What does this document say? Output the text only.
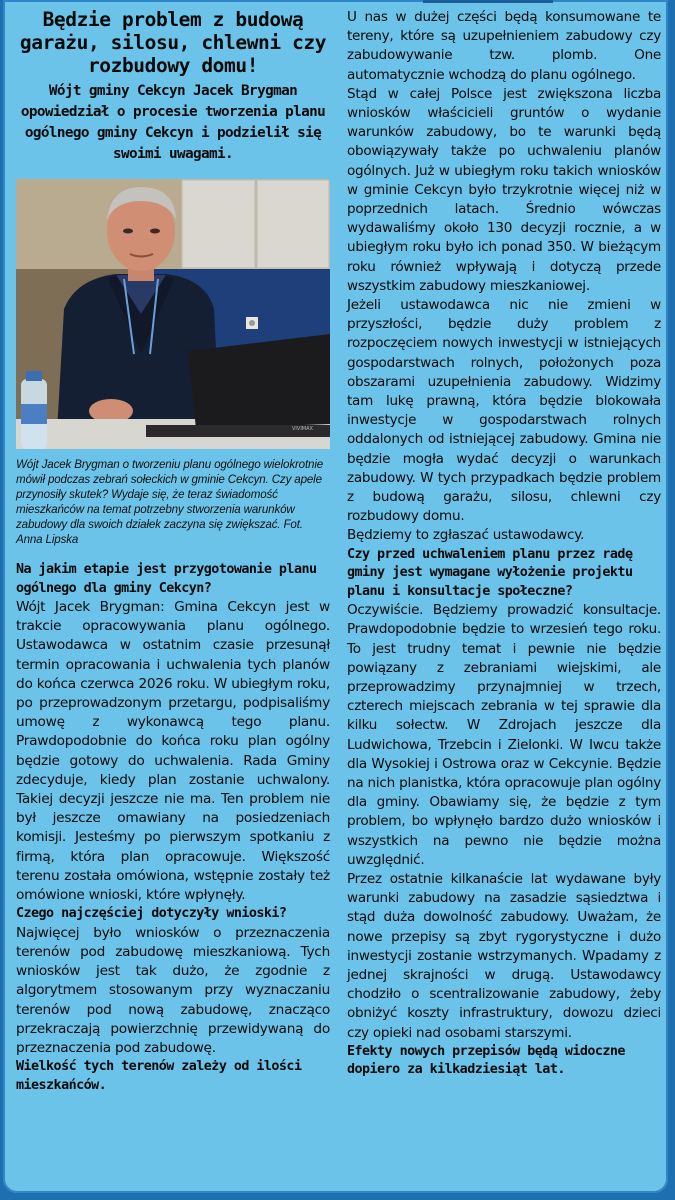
Będzie problem z budową garażu, silosu, chlewni czy rozbudowy domu!

Wójt gminy Cekcyn Jacek Brygman opowiedział o procesie tworzenia planu ogólnego gminy Cekcyn i podzielił się swoimi uwagami.

VIVIMAX

Wójt Jacek Brygman o tworzeniu planu ogólnego wielokrotnie mówił podczas zebrań sołeckich w gminie Cekcyn. Czy apele przynosiły skutek? Wydaje się, że teraz świadomość mieszkańców na temat potrzebny stworzenia warunków zabudowy dla swoich działek zaczyna się zwiększać. Fot. Anna Lipska

Na jakim etapie jest przygotowanie planu ogólnego dla gminy Cekcyn?

Wójt Jacek Brygman: Gmina Cekcyn jest w trakcie opracowywania planu ogólnego. Ustawodawca w ostatnim czasie przesunął termin opracowania i uchwalenia tych planów do końca czerwca 2026 roku. W ubiegłym roku, po przeprowadzonym przetargu, podpisaliśmy umowę z wykonawcą tego planu. Prawdopodobnie do końca roku plan ogólny będzie gotowy do uchwalenia. Rada Gminy zdecyduje, kiedy plan zostanie uchwalony. Takiej decyzji jeszcze nie ma. Ten problem nie był jeszcze omawiany na posiedzeniach komisji. Jesteśmy po pierwszym spotkaniu z firmą, która plan opracowuje. Większość terenu została omówiona, wstępnie zostały też omówione wnioski, które wpłynęły.

Czego najczęściej dotyczyły wnioski?

Najwięcej było wniosków o przeznaczenia terenów pod zabudowę mieszkaniową. Tych wniosków jest tak dużo, że zgodnie z algorytmem stosowanym przy wyznaczaniu terenów pod nową zabudowę, znacząco przekraczają powierzchnię przewidywaną do przeznaczenia pod zabudowę.

Wielkość tych terenów zależy od ilości mieszkańców.

U nas w dużej części będą konsumowane te tereny, które są uzupełnieniem zabudowy czy zabudowywanie tzw. plomb. One automatycznie wchodzą do planu ogólnego.

Stąd w całej Polsce jest zwiększona liczba wniosków właścicieli gruntów o wydanie warunków zabudowy, bo te warunki będą obowiązywały także po uchwaleniu planów ogólnych. Już w ubiegłym roku takich wniosków w gminie Cekcyn było trzykrotnie więcej niż w poprzednich latach. Średnio wówczas wydawaliśmy około 130 decyzji rocznie, a w ubiegłym roku było ich ponad 350. W bieżącym roku również wpływają i dotyczą przede wszystkim zabudowy mieszkaniowej.

Jeżeli ustawodawca nic nie zmieni w przyszłości, będzie duży problem z rozpoczęciem nowych inwestycji w istniejących gospodarstwach rolnych, położonych poza obszarami uzupełnienia zabudowy. Widzimy tam lukę prawną, która będzie blokowała inwestycje w gospodarstwach rolnych oddalonych od istniejącej zabudowy. Gmina nie będzie mogła wydać decyzji o warunkach zabudowy. W tych przypadkach będzie problem z budową garażu, silosu, chlewni czy rozbudowy domu.

Będziemy to zgłaszać ustawodawcy.

Czy przed uchwaleniem planu przez radę gminy jest wymagane wyłożenie projektu planu i konsultacje społeczne?

Oczywiście. Będziemy prowadzić konsultacje. Prawdopodobnie będzie to wrzesień tego roku. To jest trudny temat i pewnie nie będzie powiązany z zebraniami wiejskimi, ale przeprowadzimy przynajmniej w trzech, czterech miejscach zebrania w tej sprawie dla kilku sołectw. W Zdrojach jeszcze dla Ludwichowa, Trzebcin i Zielonki. W Iwcu także dla Wysokiej i Ostrowa oraz w Cekcynie. Będzie na nich planistka, która opracowuje plan ogólny dla gminy. Obawiamy się, że będzie z tym problem, bo wpłynęło bardzo dużo wniosków i wszystkich na pewno nie będzie można uwzględnić.

Przez ostatnie kilkanaście lat wydawane były warunki zabudowy na zasadzie sąsiedztwa i stąd duża dowolność zabudowy. Uważam, że nowe przepisy są zbyt rygorystyczne i dużo inwestycji zostanie wstrzymanych. Wpadamy z jednej skrajności w drugą. Ustawodawcy chodziło o scentralizowanie zabudowy, żeby obniżyć koszty infrastruktury, dowozu dzieci czy opieki nad osobami starszymi.

Efekty nowych przepisów będą widoczne dopiero za kilkadziesiąt lat.
